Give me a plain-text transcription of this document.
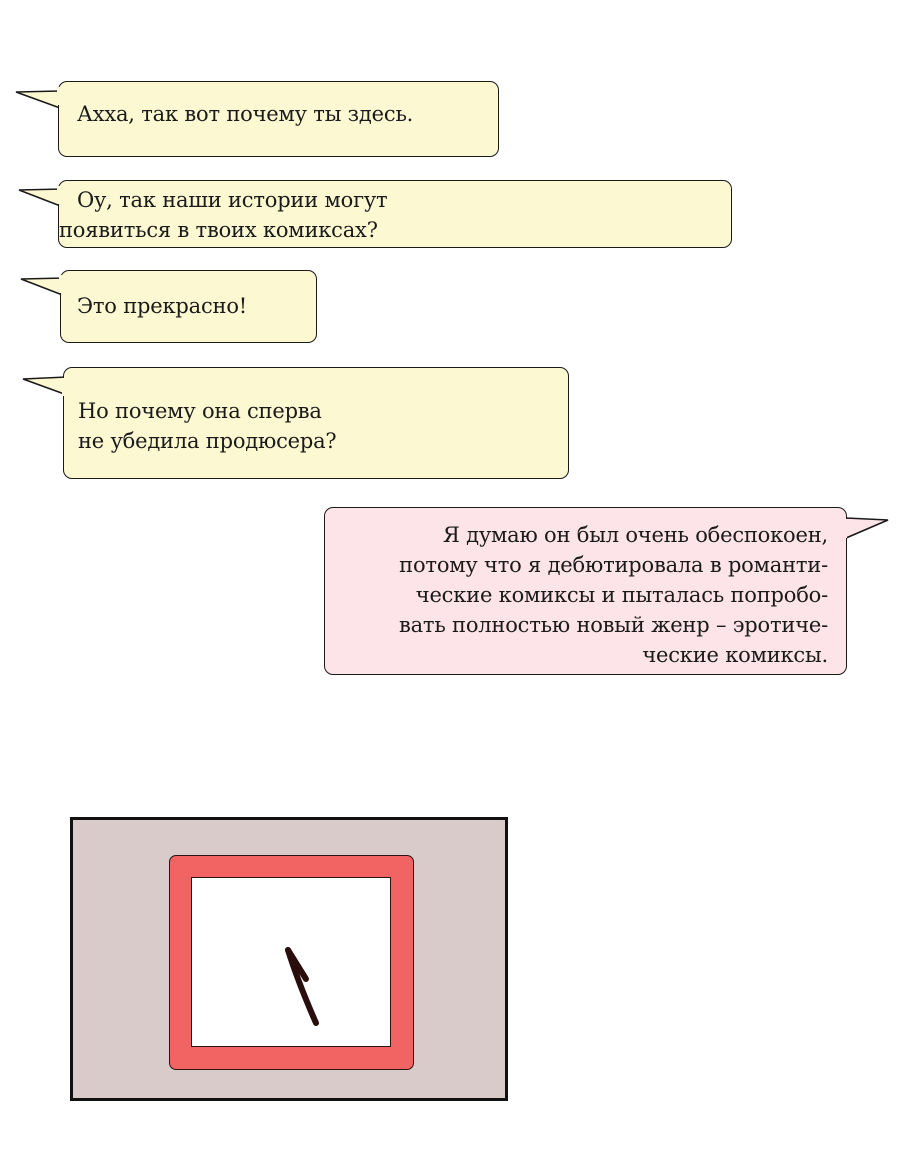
Ахха, так вот почему ты здесь.
Оу, так наши истории могут
появиться в твоих комиксах?
Это прекрасно!
Но почему она сперва
не убедила продюсера?
Я думаю он был очень обеспокоен,
потому что я дебютировала в романти-
ческие комиксы и пыталась попробо-
вать полностью новый женр – эротиче-
ческие комиксы.
